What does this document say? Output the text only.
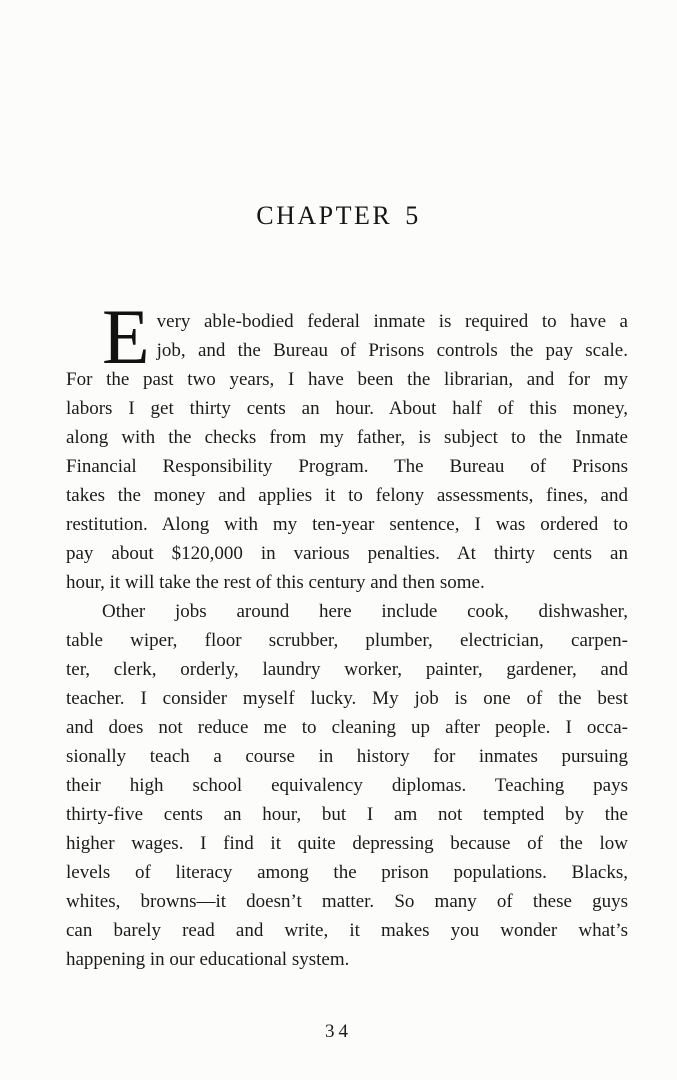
CHAPTER 5
E very able-bodied federal inmate is required to have a
job, and the Bureau of Prisons controls the pay scale.
For the past two years, I have been the librarian, and for my
labors I get thirty cents an hour. About half of this money,
along with the checks from my father, is subject to the Inmate
Financial Responsibility Program. The Bureau of Prisons
takes the money and applies it to felony assessments, fines, and
restitution. Along with my ten-year sentence, I was ordered to
pay about $120,000 in various penalties. At thirty cents an
hour, it will take the rest of this century and then some.
Other jobs around here include cook, dishwasher,
table wiper, floor scrubber, plumber, electrician, carpen-
ter, clerk, orderly, laundry worker, painter, gardener, and
teacher. I consider myself lucky. My job is one of the best
and does not reduce me to cleaning up after people. I occa-
sionally teach a course in history for inmates pursuing
their high school equivalency diplomas. Teaching pays
thirty-five cents an hour, but I am not tempted by the
higher wages. I find it quite depressing because of the low
levels of literacy among the prison populations. Blacks,
whites, browns—it doesn’t matter. So many of these guys
can barely read and write, it makes you wonder what’s
happening in our educational system.
34
